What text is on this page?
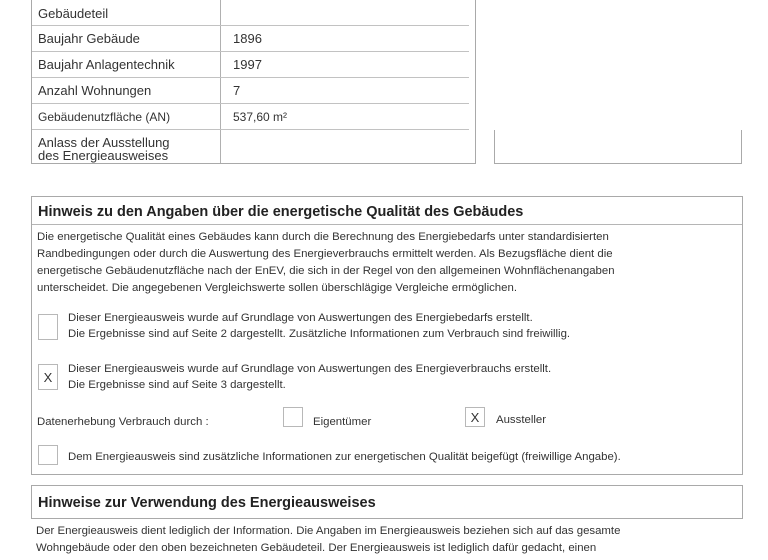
Gebäudeteil
Baujahr Gebäude	1896
Baujahr Anlagentechnik	1997
Anzahl Wohnungen	7
Gebäudenutzfläche (AN)	537,60 m²
Anlass der Ausstellung
des Energieausweises
Hinweis zu den Angaben über die energetische Qualität des Gebäudes
Die energetische Qualität eines Gebäudes kann durch die Berechnung des Energiebedarfs unter standardisierten
Randbedingungen oder durch die Auswertung des Energieverbrauchs ermittelt werden. Als Bezugsfläche dient die
energetische Gebäudenutzfläche nach der EnEV, die sich in der Regel von den allgemeinen Wohnflächenangaben
unterscheidet. Die angegebenen Vergleichswerte sollen überschlägige Vergleiche ermöglichen.
Dieser Energieausweis wurde auf Grundlage von Auswertungen des Energiebedarfs erstellt.
Die Ergebnisse sind auf Seite 2 dargestellt. Zusätzliche Informationen zum Verbrauch sind freiwillig.
X
Dieser Energieausweis wurde auf Grundlage von Auswertungen des Energieverbrauchs erstellt.
Die Ergebnisse sind auf Seite 3 dargestellt.
Datenerhebung Verbrauch durch :	Eigentümer	X	Aussteller
Dem Energieausweis sind zusätzliche Informationen zur energetischen Qualität beigefügt (freiwillige Angabe).
Hinweise zur Verwendung des Energieausweises
Der Energieausweis dient lediglich der Information. Die Angaben im Energieausweis beziehen sich auf das gesamte
Wohngebäude oder den oben bezeichneten Gebäudeteil. Der Energieausweis ist lediglich dafür gedacht, einen
